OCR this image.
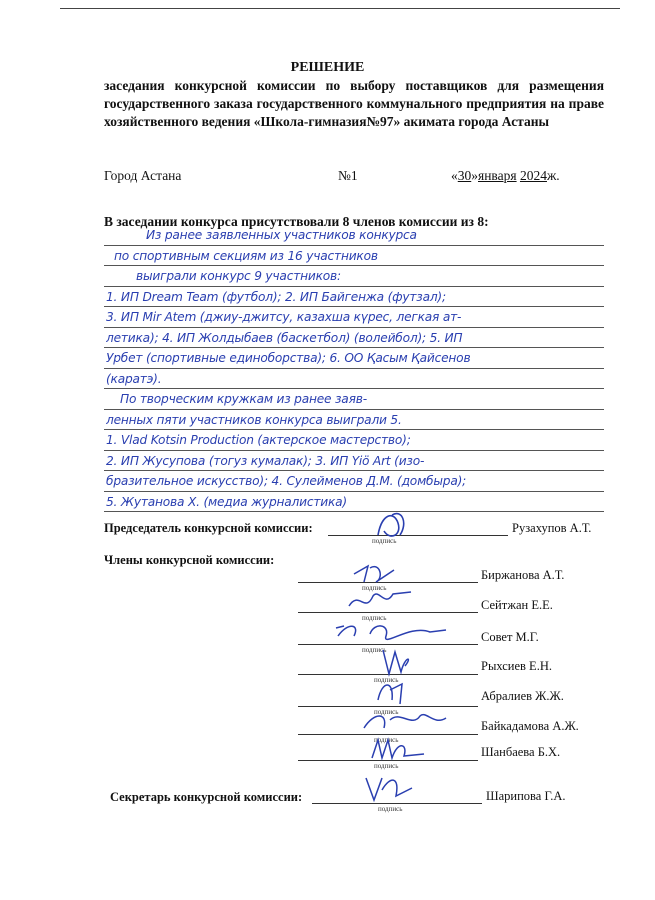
РЕШЕНИЕ
заседания конкурсной комиссии по выбору поставщиков для размещения государственного заказа государственного коммунального предприятия на праве хозяйственного ведения «Школа-гимназия№97» акимата города Астаны
Город Астана	№1	«30»января 2024ж.
В заседании конкурса присутствовали 8 членов комиссии из 8:
Из ранее заявленных участников конкурса
по спортивным секциям из 16 участников
выиграли конкурс 9 участников:
1. ИП Dream Team (футбол); 2. ИП Байгенжа (футзал);
3. ИП Mir Atem (джиу-джитсу, казахша күрес, легкая ат-
летика); 4. ИП Жолдыбаев (баскетбол) (волейбол); 5. ИП
Урбет (спортивные единоборства); 6. ОО Қасым Қайсенов
(каратэ).
По творческим кружкам из ранее заяв-
ленных пяти участников конкурса выиграли 5.
1. Vlad Kotsin Production (актерское мастерство);
2. ИП Жусупова (тогуз кумалак); 3. ИП Yiö Art (изо-
бразительное искусство); 4. Сулейменов Д.М. (домбыра);
5. Жутанова Х. (медиа журналистика)
Председатель конкурсной комиссии:
подпись
Рузахупов А.Т.
Члены конкурсной комиссии:
подпись
Биржанова А.Т.
подпись
Сейтжан Е.Е.
подпись
Совет М.Г.
подпись
Рыхсиев Е.Н.
подпись
Абралиев Ж.Ж.
подпись
Байкадамова А.Ж.
подпись
Шанбаева Б.Х.
Секретарь конкурсной комиссии:
подпись
Шарипова Г.А.
